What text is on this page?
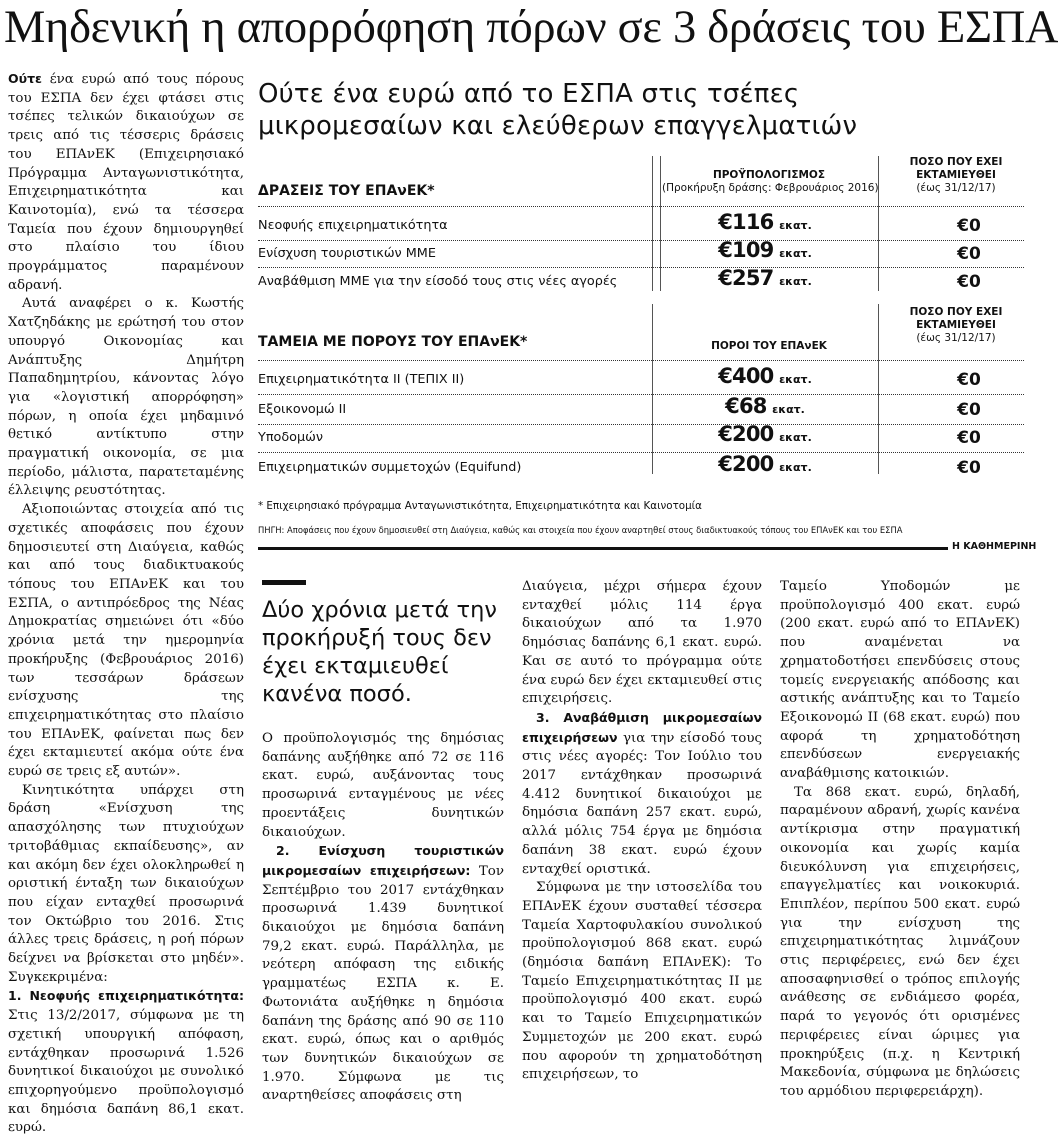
Μηδενική η απορρόφηση πόρων σε 3 δράσεις του ΕΣΠΑ

Ούτε ένα ευρώ από τους πόρους του ΕΣΠΑ δεν έχει φτάσει στις τσέπες τελικών δικαιούχων σε τρεις από τις τέσσερις δράσεις του ΕΠΑνΕΚ (Επιχειρησιακό Πρόγραμμα Ανταγωνιστικότητα, Επιχειρηματικότητα και Καινοτομία), ενώ τα τέσσερα Ταμεία που έχουν δημιουργηθεί στο πλαίσιο του ίδιου προγράμματος παραμένουν αδρανή.

Αυτά αναφέρει ο κ. Κωστής Χατζηδάκης με ερώτησή του στον υπουργό Οικονομίας και Ανάπτυξης Δημήτρη Παπαδημητρίου, κάνοντας λόγο για «λογιστική απορρόφηση» πόρων, η οποία έχει μηδαμινό θετικό αντίκτυπο στην πραγματική οικονομία, σε μια περίοδο, μάλιστα, παρατεταμένης έλλειψης ρευστότητας.

Αξιοποιώντας στοιχεία από τις σχετικές αποφάσεις που έχουν δημοσιευτεί στη Διαύγεια, καθώς και από τους διαδικτυακούς τόπους του ΕΠΑνΕΚ και του ΕΣΠΑ, ο αντιπρόεδρος της Νέας Δημοκρατίας σημειώνει ότι «δύο χρόνια μετά την ημερομηνία προκήρυξης (Φεβρουάριος 2016) των τεσσάρων δράσεων ενίσχυσης της επιχειρηματικότητας στο πλαίσιο του ΕΠΑνΕΚ, φαίνεται πως δεν έχει εκταμιευτεί ακόμα ούτε ένα ευρώ σε τρεις εξ αυτών».

Κινητικότητα υπάρχει στη δράση «Ενίσχυση της απασχόλησης των πτυχιούχων τριτοβάθμιας εκπαίδευσης», αν και ακόμη δεν έχει ολοκληρωθεί η οριστική ένταξη των δικαιούχων που είχαν ενταχθεί προσωρινά τον Οκτώβριο του 2016. Στις άλλες τρεις δράσεις, η ροή πόρων δείχνει να βρίσκεται στο μηδέν». Συγκεκριμένα:

1. Νεοφυής επιχειρηματικότητα: Στις 13/2/2017, σύμφωνα με τη σχετική υπουργική απόφαση, εντάχθηκαν προσωρινά 1.526 δυνητικοί δικαιούχοι με συνολικό επιχορηγούμενο προϋπολογισμό και δημόσια δαπάνη 86,1 εκατ. ευρώ.

Ούτε ένα ευρώ από το ΕΣΠΑ στις τσέπες
μικρομεσαίων και ελεύθερων επαγγελματιών
ΔΡΑΣΕΙΣ ΤΟΥ ΕΠΑνΕΚ*
ΠΡΟΫΠΟΛΟΓΙΣΜΟΣ
(Προκήρυξη δράσης: Φεβρουάριος 2016)
ΠΟΣΟ ΠΟΥ ΕΧΕΙ
ΕΚΤΑΜΙΕΥΘΕΙ
(έως 31/12/17)
Νεοφυής επιχειρηματικότητα	€116 εκατ.	€0
Ενίσχυση τουριστικών ΜΜΕ	€109 εκατ.	€0
Αναβάθμιση ΜΜΕ για την είσοδό τους στις νέες αγορές	€257 εκατ.	€0
ΤΑΜΕΙΑ ΜΕ ΠΟΡΟΥΣ ΤΟΥ ΕΠΑνΕΚ*	ΠΟΡΟΙ ΤΟΥ ΕΠΑνΕΚ
ΠΟΣΟ ΠΟΥ ΕΧΕΙ
ΕΚΤΑΜΙΕΥΘΕΙ
(έως 31/12/17)
Επιχειρηματικότητα ΙΙ (ΤΕΠΙΧ ΙΙ)	€400 εκατ.	€0
Εξοικονομώ ΙΙ	€68 εκατ.	€0
Υποδομών	€200 εκατ.	€0
Επιχειρηματικών συμμετοχών (Equifund)	€200 εκατ.	€0
* Επιχειρησιακό πρόγραμμα Ανταγωνιστικότητα, Επιχειρηματικότητα και Καινοτομία
ΠΗΓΗ: Αποφάσεις που έχουν δημοσιευθεί στη Διαύγεια, καθώς και στοιχεία που έχουν αναρτηθεί στους διαδικτυακούς τόπους του ΕΠΑνΕΚ και του ΕΣΠΑ
Η ΚΑΘΗΜΕΡΙΝΗ
Δύο χρόνια μετά την προκήρυξή τους δεν έχει εκταμιευθεί κανένα ποσό.

Ο προϋπολογισμός της δημόσιας δαπάνης αυξήθηκε από 72 σε 116 εκατ. ευρώ, αυξάνοντας τους προσωρινά ενταγμένους με νέες προεντάξεις δυνητικών δικαιούχων.

2. Ενίσχυση τουριστικών μικρομεσαίων επιχειρήσεων: Τον Σεπτέμβριο του 2017 εντάχθηκαν προσωρινά 1.439 δυνητικοί δικαιούχοι με δημόσια δαπάνη 79,2 εκατ. ευρώ. Παράλληλα, με νεότερη απόφαση της ειδικής γραμματέως ΕΣΠΑ κ. Ε. Φωτονιάτα αυξήθηκε η δημόσια δαπάνη της δράσης από 90 σε 110 εκατ. ευρώ, όπως και ο αριθμός των δυνητικών δικαιούχων σε 1.970. Σύμφωνα με τις αναρτηθείσες αποφάσεις στη

Διαύγεια, μέχρι σήμερα έχουν ενταχθεί μόλις 114 έργα δικαιούχων από τα 1.970 δημόσιας δαπάνης 6,1 εκατ. ευρώ. Και σε αυτό το πρόγραμμα ούτε ένα ευρώ δεν έχει εκταμιευθεί στις επιχειρήσεις.

3. Αναβάθμιση μικρομεσαίων επιχειρήσεων για την είσοδό τους στις νέες αγορές: Τον Ιούλιο του 2017 εντάχθηκαν προσωρινά 4.412 δυνητικοί δικαιούχοι με δημόσια δαπάνη 257 εκατ. ευρώ, αλλά μόλις 754 έργα με δημόσια δαπάνη 38 εκατ. ευρώ έχουν ενταχθεί οριστικά.

Σύμφωνα με την ιστοσελίδα του ΕΠΑνΕΚ έχουν συσταθεί τέσσερα Ταμεία Χαρτοφυλακίου συνολικού προϋπολογισμού 868 εκατ. ευρώ (δημόσια δαπάνη ΕΠΑνΕΚ): Το Ταμείο Επιχειρηματικότητας ΙΙ με προϋπολογισμό 400 εκατ. ευρώ και το Ταμείο Επιχειρηματικών Συμμετοχών με 200 εκατ. ευρώ που αφορούν τη χρηματοδότηση επιχειρήσεων, το

Ταμείο Υποδομών με προϋπολογισμό 400 εκατ. ευρώ (200 εκατ. ευρώ από το ΕΠΑνΕΚ) που αναμένεται να χρηματοδοτήσει επενδύσεις στους τομείς ενεργειακής απόδοσης και αστικής ανάπτυξης και το Ταμείο Εξοικονομώ ΙΙ (68 εκατ. ευρώ) που αφορά τη χρηματοδότηση επενδύσεων ενεργειακής αναβάθμισης κατοικιών.

Τα 868 εκατ. ευρώ, δηλαδή, παραμένουν αδρανή, χωρίς κανένα αντίκρισμα στην πραγματική οικονομία και χωρίς καμία διευκόλυνση για επιχειρήσεις, επαγγελματίες και νοικοκυριά. Επιπλέον, περίπου 500 εκατ. ευρώ για την ενίσχυση της επιχειρηματικότητας λιμνάζουν στις περιφέρειες, ενώ δεν έχει αποσαφηνισθεί ο τρόπος επιλογής ανάθεσης σε ενδιάμεσο φορέα, παρά το γεγονός ότι ορισμένες περιφέρειες είναι ώριμες για προκηρύξεις (π.χ. η Κεντρική Μακεδονία, σύμφωνα με δηλώσεις του αρμόδιου περιφερειάρχη).
